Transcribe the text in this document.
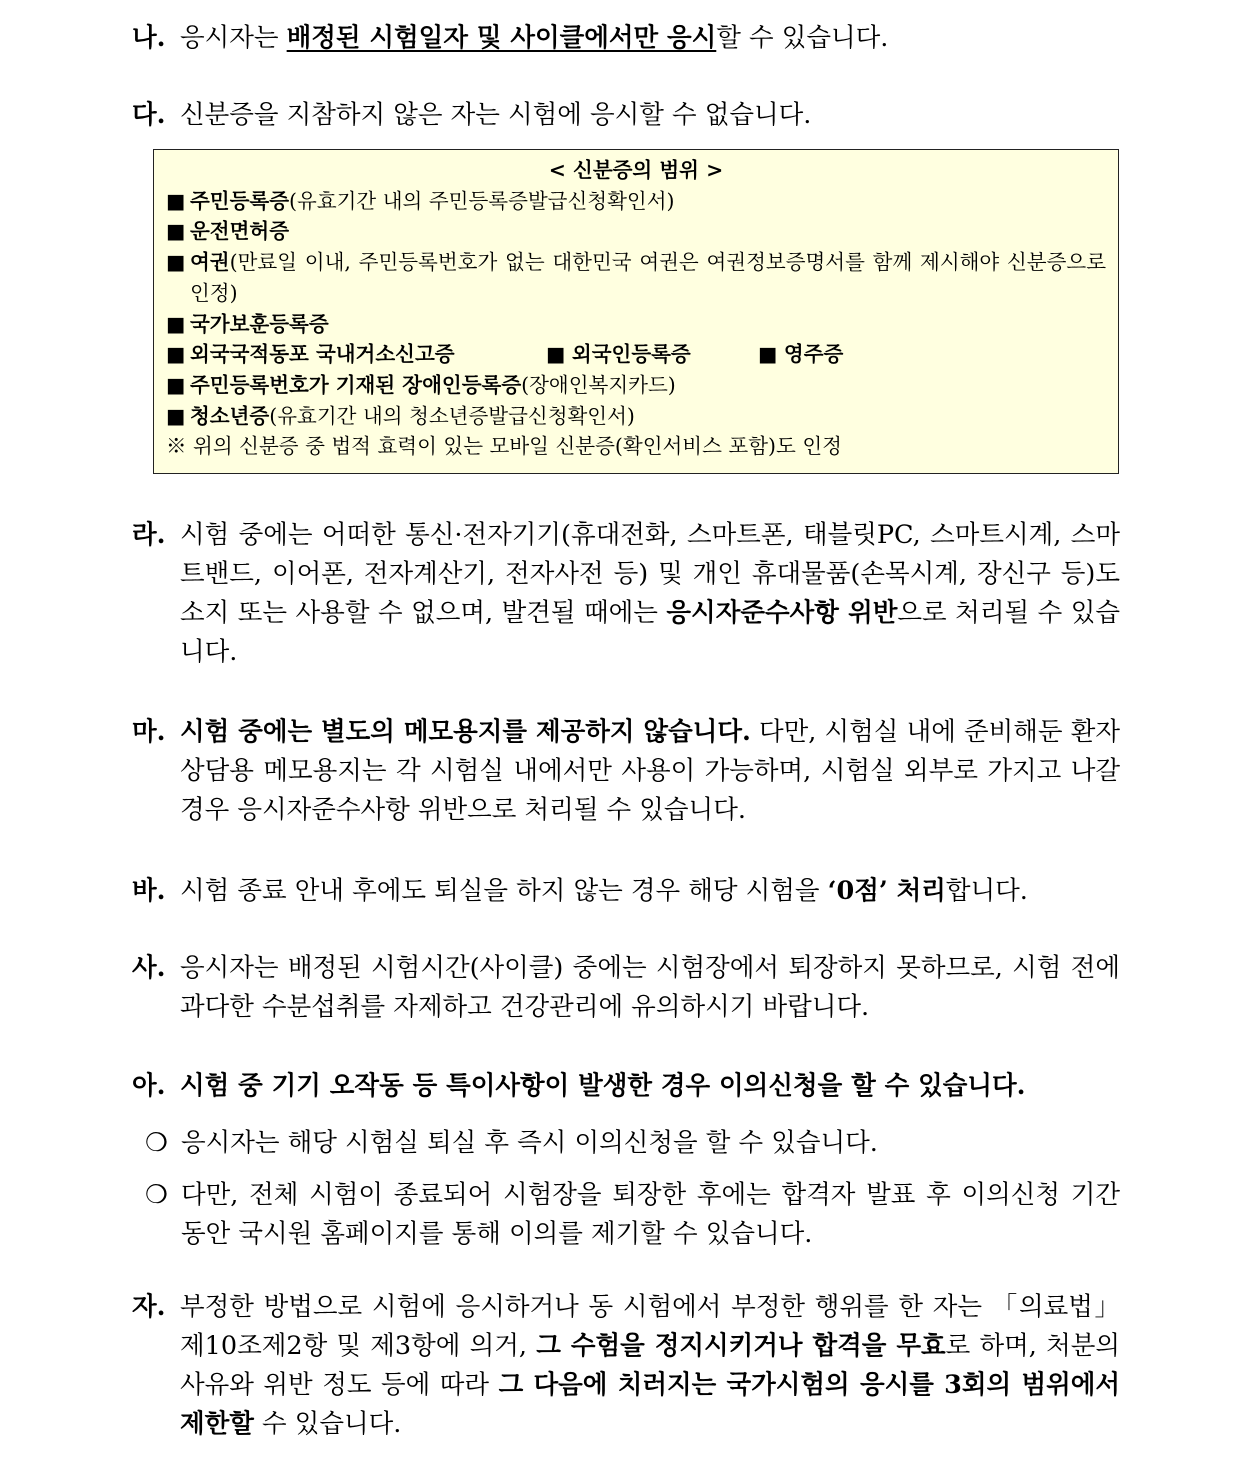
나. 응시자는 배정된 시험일자 및 사이클에서만 응시할 수 있습니다.
다. 신분증을 지참하지 않은 자는 시험에 응시할 수 없습니다.
< 신분증의 범위 >
■ 주민등록증(유효기간 내의 주민등록증발급신청확인서)
■ 운전면허증
■ 여권(만료일 이내, 주민등록번호가 없는 대한민국 여권은 여권정보증명서를 함께 제시해야 신분증으로 인정)
■ 국가보훈등록증
■ 외국국적동포 국내거소신고증	■ 외국인등록증	■ 영주증
■ 주민등록번호가 기재된 장애인등록증(장애인복지카드)
■ 청소년증(유효기간 내의 청소년증발급신청확인서)
※ 위의 신분증 중 법적 효력이 있는 모바일 신분증(확인서비스 포함)도 인정
라. 시험 중에는 어떠한 통신·전자기기(휴대전화, 스마트폰, 태블릿PC, 스마트시계, 스마트밴드, 이어폰, 전자계산기, 전자사전 등) 및 개인 휴대물품(손목시계, 장신구 등)도 소지 또는 사용할 수 없으며, 발견될 때에는 응시자준수사항 위반으로 처리될 수 있습니다.
마. 시험 중에는 별도의 메모용지를 제공하지 않습니다. 다만, 시험실 내에 준비해둔 환자 상담용 메모용지는 각 시험실 내에서만 사용이 가능하며, 시험실 외부로 가지고 나갈 경우 응시자준수사항 위반으로 처리될 수 있습니다.
바. 시험 종료 안내 후에도 퇴실을 하지 않는 경우 해당 시험을 ‘0점’ 처리합니다.
사. 응시자는 배정된 시험시간(사이클) 중에는 시험장에서 퇴장하지 못하므로, 시험 전에 과다한 수분섭취를 자제하고 건강관리에 유의하시기 바랍니다.
아. 시험 중 기기 오작동 등 특이사항이 발생한 경우 이의신청을 할 수 있습니다.
❍ 응시자는 해당 시험실 퇴실 후 즉시 이의신청을 할 수 있습니다.
❍ 다만, 전체 시험이 종료되어 시험장을 퇴장한 후에는 합격자 발표 후 이의신청 기간 동안 국시원 홈페이지를 통해 이의를 제기할 수 있습니다.
자. 부정한 방법으로 시험에 응시하거나 동 시험에서 부정한 행위를 한 자는 「의료법」 제10조제2항 및 제3항에 의거, 그 수험을 정지시키거나 합격을 무효로 하며, 처분의 사유와 위반 정도 등에 따라 그 다음에 치러지는 국가시험의 응시를 3회의 범위에서 제한할 수 있습니다.
